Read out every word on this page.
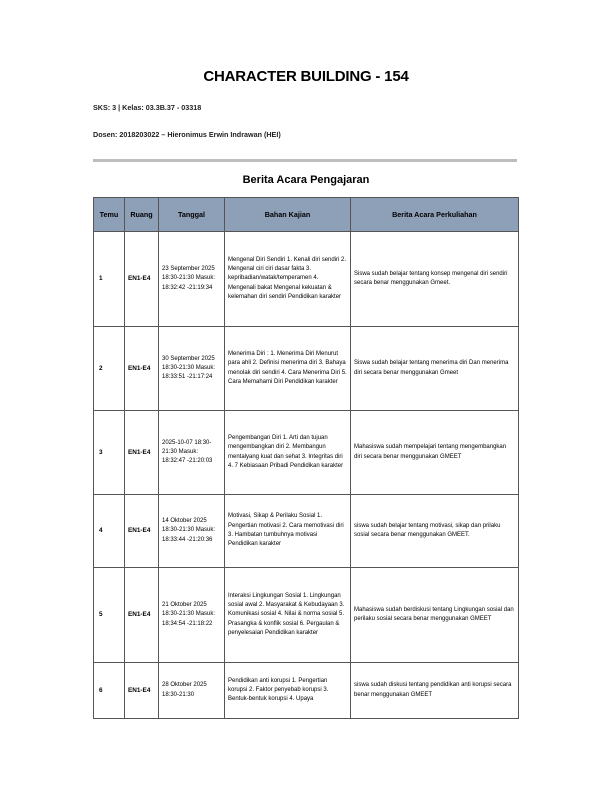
CHARACTER BUILDING - 154
SKS: 3 | Kelas: 03.3B.37 - 03318
Dosen: 2018203022 – Hieronimus Erwin Indrawan (HEI)
Berita Acara Pengajaran
Temu	Ruang	Tanggal	Bahan Kajian	Berita Acara Perkuliahan
1	EN1-E4	23 September 2025 18:30-21:30 Masuk: 18:32:42 -21:19:34	Mengenal Diri Sendiri 1. Kenali diri sendiri 2. Mengenal ciri ciri dasar fakta 3. kepribadian/watak/temperamen 4. Mengenali bakat Mengenal kekuatan & kelemahan diri sendiri Pendidikan karakter	Siswa sudah belajar tentang konsep mengenal diri sendiri secara benar menggunakan Gmeet.
2	EN1-E4	30 September 2025 18:30-21:30 Masuk: 18:33:51 -21:17:24	Menerima Diri : 1. Menerima Diri Menurut para ahli 2. Definisi menerima diri 3. Bahaya menolak diri sendiri 4. Cara Menerima Diri 5. Cara Memahami Diri Pendidikan karakter	Siswa sudah belajar tentang menerima diri Dan menerima diri secara benar menggunakan Gmeet
3	EN1-E4	2025-10-07 18:30-21:30 Masuk: 18:32:47 -21:20:03	Pengembangan Diri 1. Arti dan tujuan mengembangkan diri 2. Membangun mentalyang kuat dan sehat 3. Integritas diri 4. 7 Kebiasaan Pribadi Pendidikan karakter	Mahasiswa sudah mempelajari tentang mengembangkan diri secara benar menggunakan GMEET
4	EN1-E4	14 Oktober 2025 18:30-21:30 Masuk: 18:33:44 -21:20:36	Motivasi, Sikap & Perilaku Sosial 1. Pengertian motivasi 2. Cara memotivasi diri 3. Hambatan tumbuhnya motivasi Pendidikan karakter	siswa sudah belajar tentang motivasi, sikap dan prilaku sosial secara benar menggunakan GMEET.
5	EN1-E4	21 Oktober 2025 18:30-21:30 Masuk: 18:34:54 -21:18:22	Interaksi Lingkungan Sosial 1. Lingkungan sosial awal 2. Masyarakat & Kebudayaan 3. Komunikasi sosial 4. Nilai & norma sosial 5. Prasangka & konflik sosial 6. Pergaulan & penyelesaian Pendidikan karakter	Mahasiswa sudah berdiskusi tentang Lingkungan sosial dan perilaku sosial secara benar menggunakan GMEET
6	EN1-E4	28 Oktober 2025 18:30-21:30	Pendidikan anti korupsi 1. Pengertian korupsi 2. Faktor penyebab korupsi 3. Bentuk-bentuk korupsi 4. Upaya	siswa sudah diskusi tentang pendidikan anti korupsi secara benar menggunakan GMEET
